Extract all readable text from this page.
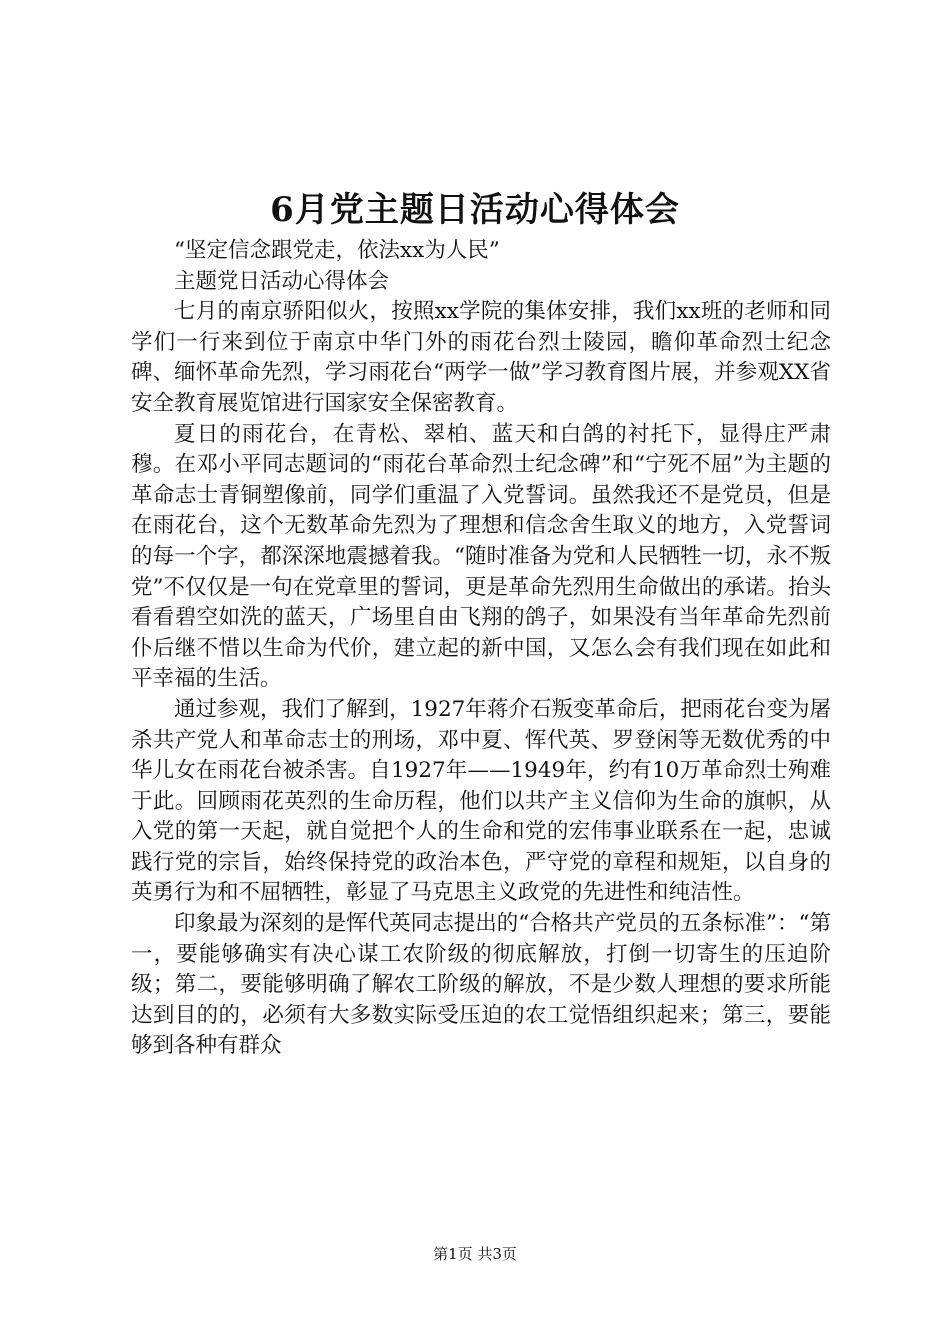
6月党主题日活动心得体会

“坚定信念跟党走，依法xx为人民”

主题党日活动心得体会

七月的南京骄阳似火，按照xx学院的集体安排，我们xx班的老师和同学们一行来到位于南京中华门外的雨花台烈士陵园，瞻仰革命烈士纪念碑、缅怀革命先烈，学习雨花台“两学一做”学习教育图片展，并参观XX省安全教育展览馆进行国家安全保密教育。

夏日的雨花台，在青松、翠柏、蓝天和白鸽的衬托下，显得庄严肃穆。在邓小平同志题词的“雨花台革命烈士纪念碑”和“宁死不屈”为主题的革命志士青铜塑像前，同学们重温了入党誓词。虽然我还不是党员，但是在雨花台，这个无数革命先烈为了理想和信念舍生取义的地方，入党誓词的每一个字，都深深地震撼着我。“随时准备为党和人民牺牲一切，永不叛党”不仅仅是一句在党章里的誓词，更是革命先烈用生命做出的承诺。抬头看看碧空如洗的蓝天，广场里自由飞翔的鸽子，如果没有当年革命先烈前仆后继不惜以生命为代价，建立起的新中国，又怎么会有我们现在如此和平幸福的生活。

通过参观，我们了解到，1927年蒋介石叛变革命后，把雨花台变为屠杀共产党人和革命志士的刑场，邓中夏、恽代英、罗登闲等无数优秀的中华儿女在雨花台被杀害。自1927年——1949年，约有10万革命烈士殉难于此。回顾雨花英烈的生命历程，他们以共产主义信仰为生命的旗帜，从入党的第一天起，就自觉把个人的生命和党的宏伟事业联系在一起，忠诚践行党的宗旨，始终保持党的政治本色，严守党的章程和规矩，以自身的英勇行为和不屈牺牲，彰显了马克思主义政党的先进性和纯洁性。

印象最为深刻的是恽代英同志提出的“合格共产党员的五条标准”：“第一，要能够确实有决心谋工农阶级的彻底解放，打倒一切寄生的压迫阶级；第二，要能够明确了解农工阶级的解放，不是少数人理想的要求所能达到目的的，必须有大多数实际受压迫的农工觉悟组织起来；第三，要能够到各种有群众

第1页 共3页
